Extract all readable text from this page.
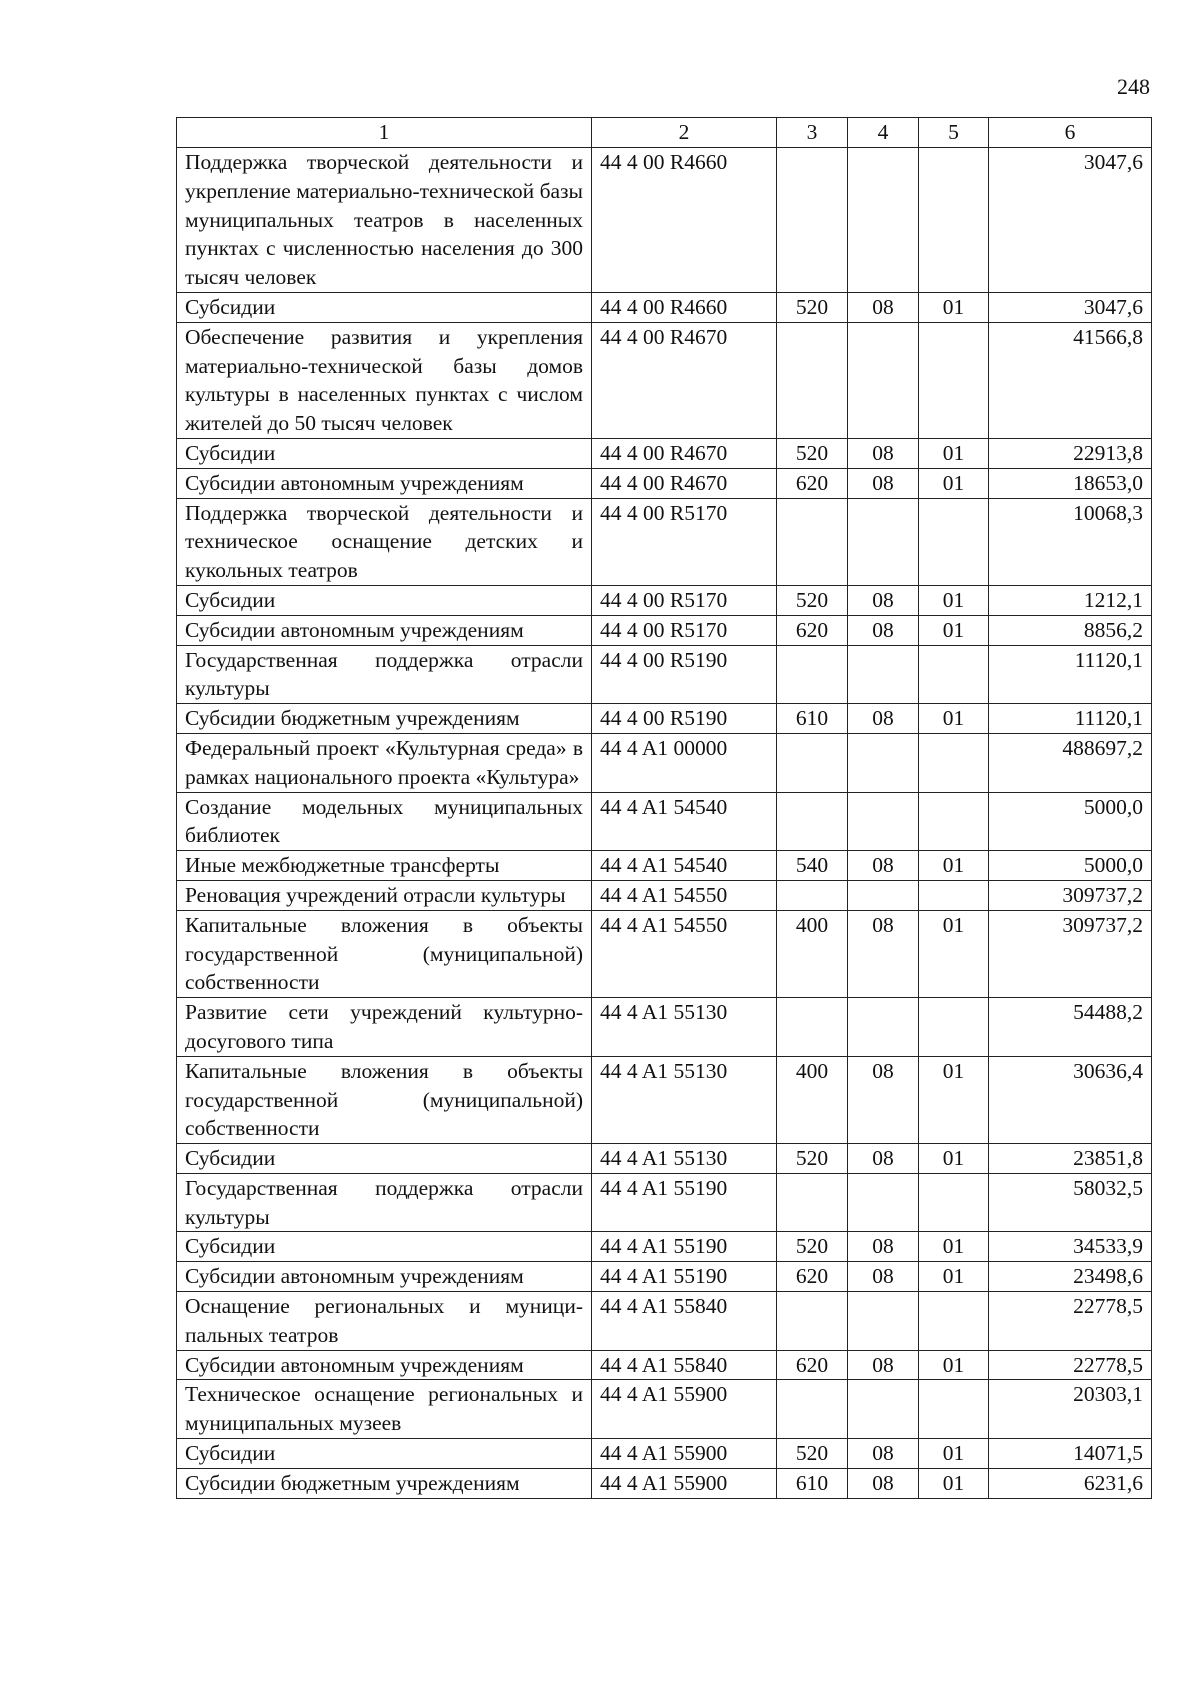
248
1	2	3	4	5	6
Поддержка творческой деятельности и укрепление материально-технической базы муниципальных театров в населенных пунктах с численностью населения до 300 тысяч человек	44 4 00 R4660				3047,6
Субсидии	44 4 00 R4660	520	08	01	3047,6
Обеспечение развития и укрепления материально-технической базы домов культуры в населенных пунктах с числом жителей до 50 тысяч человек	44 4 00 R4670				41566,8
Субсидии	44 4 00 R4670	520	08	01	22913,8
Субсидии автономным учреждениям	44 4 00 R4670	620	08	01	18653,0
Поддержка творческой деятельности и техническое оснащение детских и кукольных театров	44 4 00 R5170				10068,3
Субсидии	44 4 00 R5170	520	08	01	1212,1
Субсидии автономным учреждениям	44 4 00 R5170	620	08	01	8856,2
Государственная поддержка отрасли культуры	44 4 00 R5190				11120,1
Субсидии бюджетным учреждениям	44 4 00 R5190	610	08	01	11120,1
Федеральный проект «Культурная среда» в рамках национального проекта «Культура»	44 4 A1 00000				488697,2
Создание модельных муниципальных библиотек	44 4 A1 54540				5000,0
Иные межбюджетные трансферты	44 4 A1 54540	540	08	01	5000,0
Реновация учреждений отрасли культуры	44 4 A1 54550				309737,2
Капитальные вложения в объекты государственной (муниципальной) собственности	44 4 A1 54550	400	08	01	309737,2
Развитие сети учреждений культурно-досугового типа	44 4 A1 55130				54488,2
Капитальные вложения в объекты государственной (муниципальной) собственности	44 4 A1 55130	400	08	01	30636,4
Субсидии	44 4 A1 55130	520	08	01	23851,8
Государственная поддержка отрасли культуры	44 4 A1 55190				58032,5
Субсидии	44 4 A1 55190	520	08	01	34533,9
Субсидии автономным учреждениям	44 4 A1 55190	620	08	01	23498,6
Оснащение региональных и муниципальных театров	44 4 A1 55840				22778,5
Субсидии автономным учреждениям	44 4 A1 55840	620	08	01	22778,5
Техническое оснащение региональных и муниципальных музеев	44 4 A1 55900				20303,1
Субсидии	44 4 A1 55900	520	08	01	14071,5
Субсидии бюджетным учреждениям	44 4 A1 55900	610	08	01	6231,6
